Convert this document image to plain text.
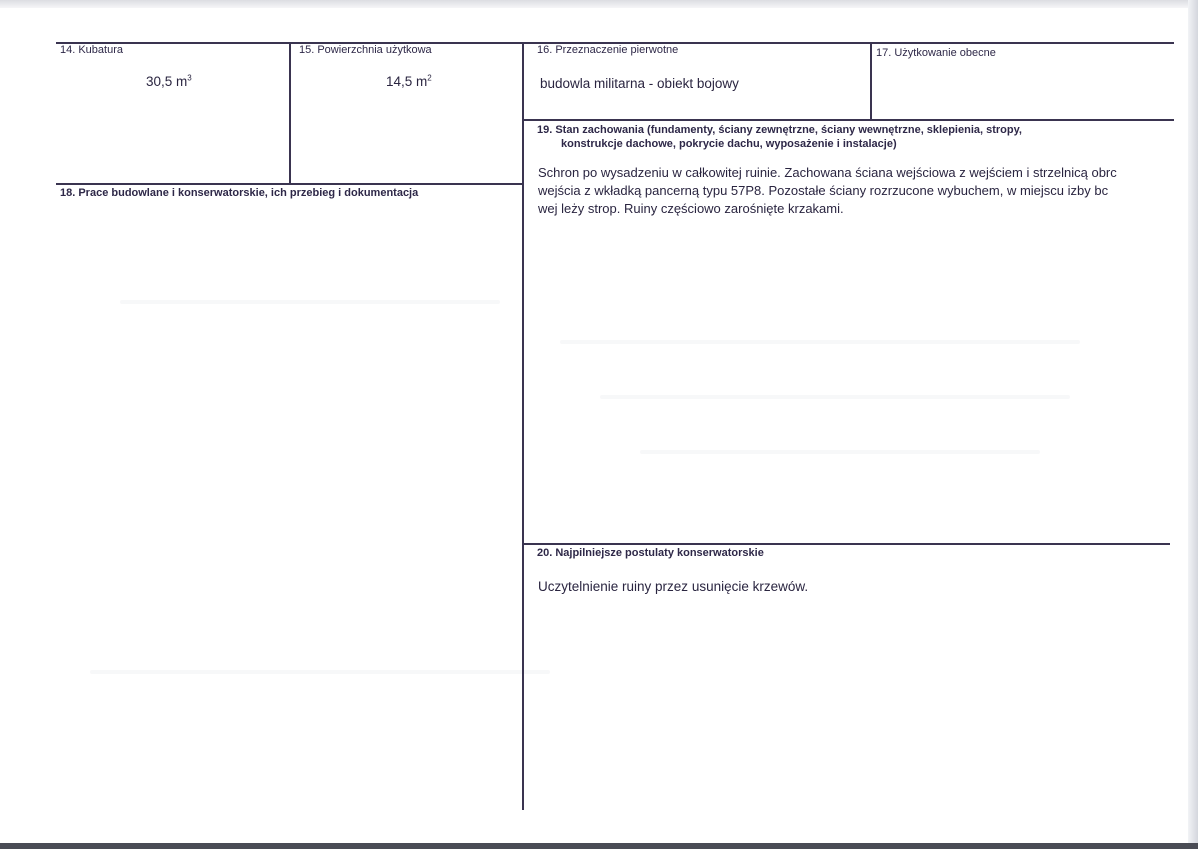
14. Kubatura
30,5 $m^3$
15. Powierzchnia użytkowa
14,5 $m^2$
16. Przeznaczenie pierwotne
budowla militarna - obiekt bojowy
17. Użytkowanie obecne
19. Stan zachowania (fundamenty, ściany zewnętrzne, ściany wewnętrzne, sklepienia, stropy,
konstrukcje dachowe, pokrycie dachu, wyposażenie i instalacje)
Schron po wysadzeniu w całkowitej ruinie. Zachowana ściana wejściowa z wejściem i strzelnicą obrc
wejścia z wkładką pancerną typu 57P8. Pozostałe ściany rozrzucone wybuchem, w miejscu izby bc
wej leży strop. Ruiny częściowo zarośnięte krzakami.
18. Prace budowlane i konserwatorskie, ich przebieg i dokumentacja
20. Najpilniejsze postulaty konserwatorskie
Uczytelnienie ruiny przez usunięcie krzewów.
